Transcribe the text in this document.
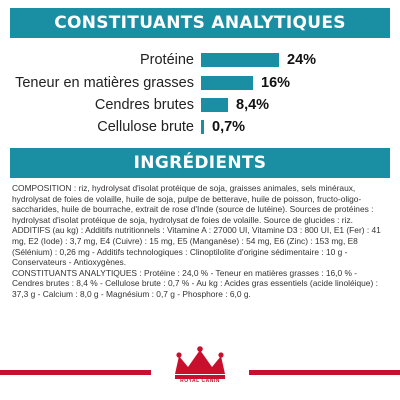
CONSTITUANTS ANALYTIQUES
Protéine	24%
Teneur en matières grasses	16%
Cendres brutes	8,4%
Cellulose brute 0,7%
INGRÉDIENTS

COMPOSITION : riz, hydrolysat d'isolat protéique de soja, graisses animales, sels minéraux, hydrolysat de foies de volaille, huile de soja, pulpe de betterave, huile de poisson, fructo-oligo-saccharides, huile de bourrache, extrait de rose d'Inde (source de lutéine). Sources de protéines : hydrolysat d'isolat protéique de soja, hydrolysat de foies de volaille. Source de glucides : riz.

ADDITIFS (au kg) : Additifs nutritionnels : Vitamine A : 27000 UI, Vitamine D3 : 800 UI, E1 (Fer) : 41 mg, E2 (Iode) : 3,7 mg, E4 (Cuivre) : 15 mg, E5 (Manganèse) : 54 mg, E6 (Zinc) : 153 mg, E8 (Sélénium) : 0,26 mg - Additifs technologiques : Clinoptilolite d'origine sédimentaire : 10 g - Conservateurs - Antioxygènes.

CONSTITUANTS ANALYTIQUES : Protéine : 24,0 % - Teneur en matières grasses : 16,0 % - Cendres brutes : 8,4 % - Cellulose brute : 0,7 % - Au kg : Acides gras essentiels (acide linoléique) : 37,3 g - Calcium : 8,0 g - Magnésium : 0,7 g - Phosphore : 6,0 g.

ROYAL CANIN
